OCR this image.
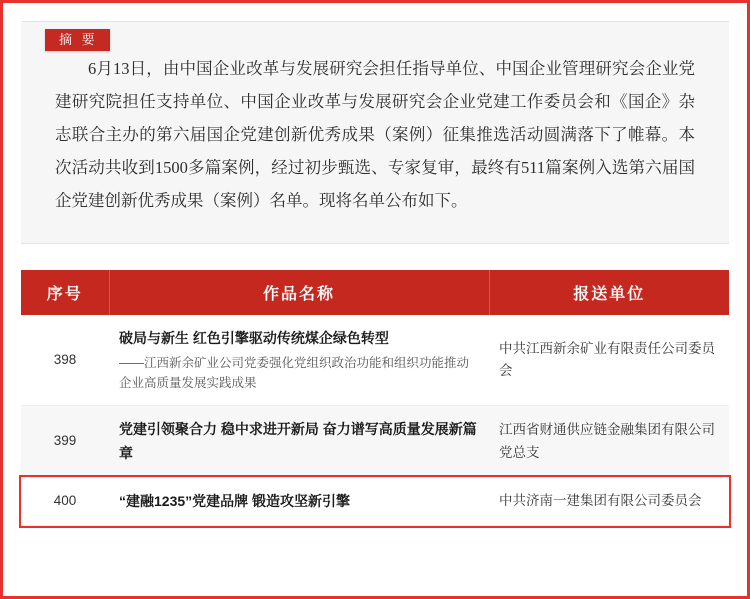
摘 要

6月13日，由中国企业改革与发展研究会担任指导单位、中国企业管理研究会企业党建研究院担任支持单位、中国企业改革与发展研究会企业党建工作委员会和《国企》杂志联合主办的第六届国企党建创新优秀成果（案例）征集推选活动圆满落下了帷幕。本次活动共收到1500多篇案例，经过初步甄选、专家复审，最终有511篇案例入选第六届国企党建创新优秀成果（案例）名单。现将名单公布如下。

序号	作品名称	报送单位
398	破局与新生 红色引擎驱动传统煤企绿色转型
——江西新余矿业公司党委强化党组织政治功能和组织功能推动企业高质量发展实践成果	中共江西新余矿业有限责任公司委员会
399	党建引领聚合力 稳中求进开新局 奋力谱写高质量发展新篇章	江西省财通供应链金融集团有限公司党总支
400	“建融1235”党建品牌 锻造攻坚新引擎	中共济南一建集团有限公司委员会
